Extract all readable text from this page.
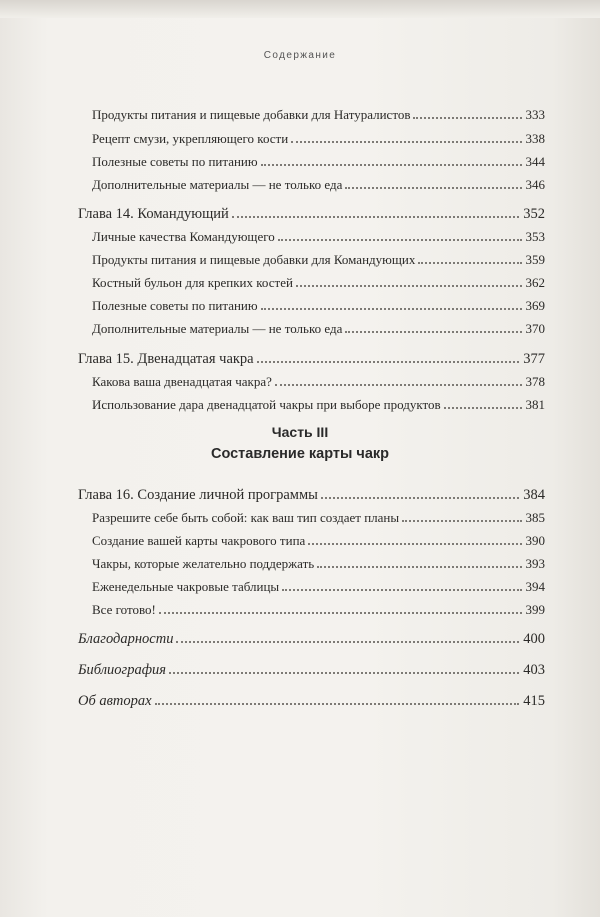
Содержание
Продукты питания и пищевые добавки для Натуралистов	333
Рецепт смузи, укрепляющего кости	338
Полезные советы по питанию	344
Дополнительные материалы — не только еда	346
Глава 14. Командующий	352
Личные качества Командующего	353
Продукты питания и пищевые добавки для Командующих	359
Костный бульон для крепких костей	362
Полезные советы по питанию	369
Дополнительные материалы — не только еда	370
Глава 15. Двенадцатая чакра	377
Какова ваша двенадцатая чакра?	378
Использование дара двенадцатой чакры при выборе продуктов	381
Часть III
Составление карты чакр
Глава 16. Создание личной программы	384
Разрешите себе быть собой: как ваш тип создает планы	385
Создание вашей карты чакрового типа	390
Чакры, которые желательно поддержать	393
Еженедельные чакровые таблицы	394
Все готово!	399
Благодарности	400
Библиография	403
Об авторах	415
